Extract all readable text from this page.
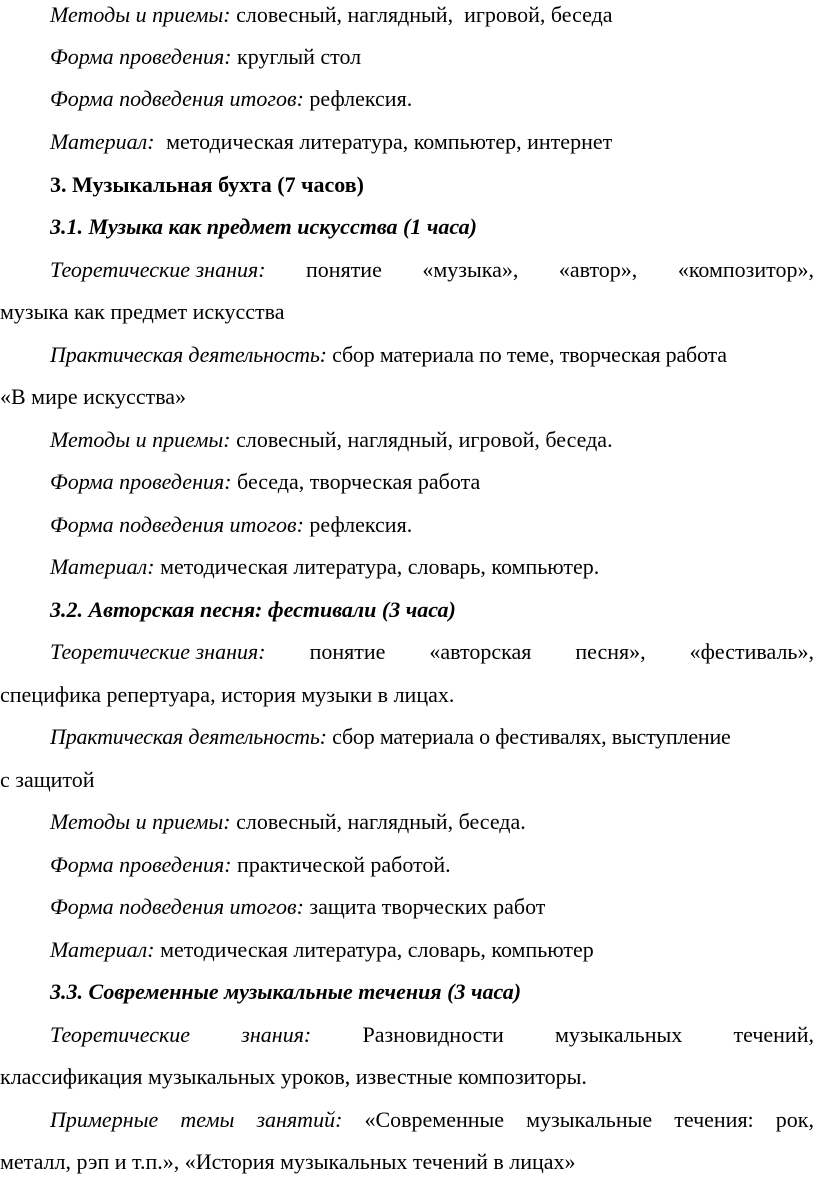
Методы и приемы: словесный, наглядный,  игровой, беседа
Форма проведения: круглый стол
Форма подведения итогов: рефлексия.
Материал: методическая литература, компьютер, интернет
3. Музыкальная бухта (7 часов)
3.1. Музыка как предмет искусства (1 часа)
Теоретические знания: понятие «музыка», «автор», «композитор»,
музыка как предмет искусства
Практическая деятельность: сбор материала по теме, творческая работа
«В мире искусства»
Методы и приемы: словесный, наглядный, игровой, беседа.
Форма проведения: беседа, творческая работа
Форма подведения итогов: рефлексия.
Материал: методическая литература, словарь, компьютер.
3.2. Авторская песня: фестивали (3 часа)
Теоретические знания: понятие «авторская песня», «фестиваль»,
специфика репертуара, история музыки в лицах.
Практическая деятельность: сбор материала о фестивалях, выступление
с защитой
Методы и приемы: словесный, наглядный, беседа.
Форма проведения: практической работой.
Форма подведения итогов: защита творческих работ
Материал: методическая литература, словарь, компьютер
3.3. Современные музыкальные течения (3 часа)
Теоретические знания: Разновидности музыкальных течений,
классификация музыкальных уроков, известные композиторы.
Примерные темы занятий: «Современные музыкальные течения: рок,
металл, рэп и т.п.», «История музыкальных течений в лицах»
